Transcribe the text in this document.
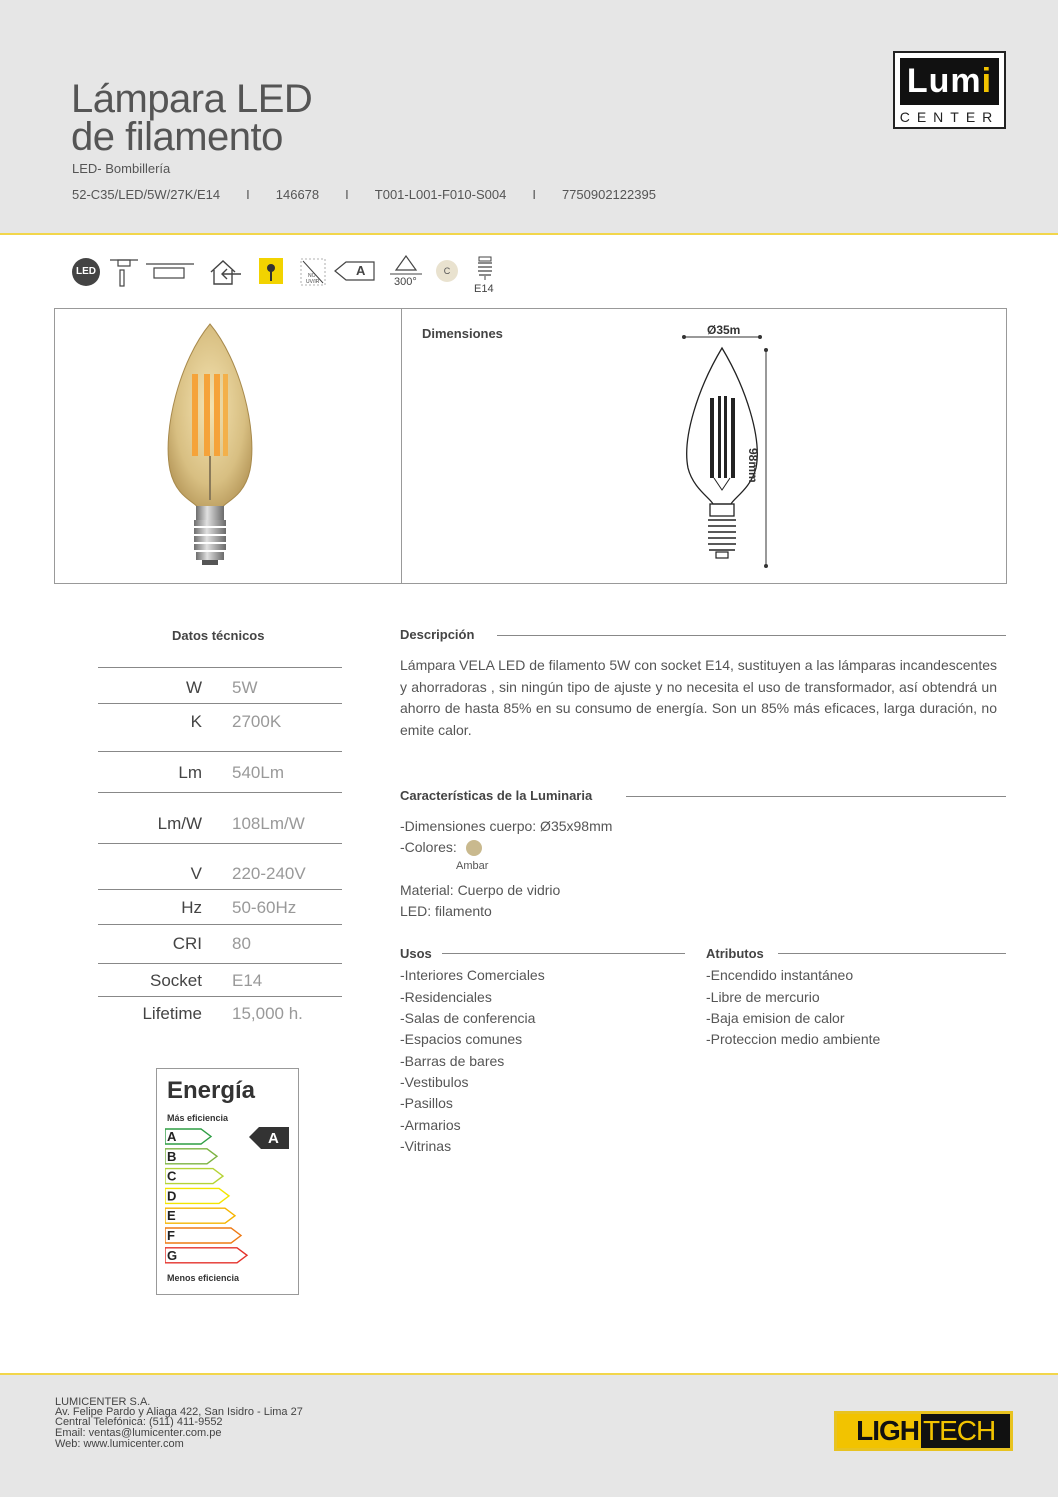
Lámpara LED
de filamento
LED- Bombillería
52-C35/LED/5W/27K/E14 I 146678 I T001-L001-F010-S004 I 7750902122395
Lumi
CENTER
LED	NO
UV/IR
A
300°
C
E14
Dimensiones	Ø35m
98mm
Datos técnicos
W 5W
K 2700K
Lm 540Lm
Lm/W 108Lm/W
V 220-240V
Hz 50-60Hz
CRI 80
Socket E14
Lifetime 15,000 h.
Descripción
Lámpara VELA LED de filamento 5W con socket E14, sustituyen a las lámparas incandescentes y ahorradoras , sin ningún tipo de ajuste y no necesita el uso de transformador, así obtendrá un ahorro de hasta 85% en su consumo de energía. Son un 85% más eficaces, larga duración, no emite calor.
Características de la Luminaria
-Dimensiones cuerpo: Ø35x98mm
-Colores:
Ambar
Material: Cuerpo de vidrio
LED: filamento
Usos
-Interiores Comerciales
-Residenciales
-Salas de conferencia
-Espacios comunes
-Barras de bares
-Vestibulos
-Pasillos
-Armarios
-Vitrinas
Atributos
-Encendido instantáneo
-Libre de mercurio
-Baja emision de calor
-Proteccion medio ambiente
Energía
Más eficiencia
A
B
C
D
E
F
G
A
Menos eficiencia
LUMICENTER S.A.
Av. Felipe Pardo y Aliaga 422, San Isidro - Lima 27
Central Telefónica: (511) 411-9552
Email: ventas@lumicenter.com.pe
Web: www.lumicenter.com	LIGH TECH
